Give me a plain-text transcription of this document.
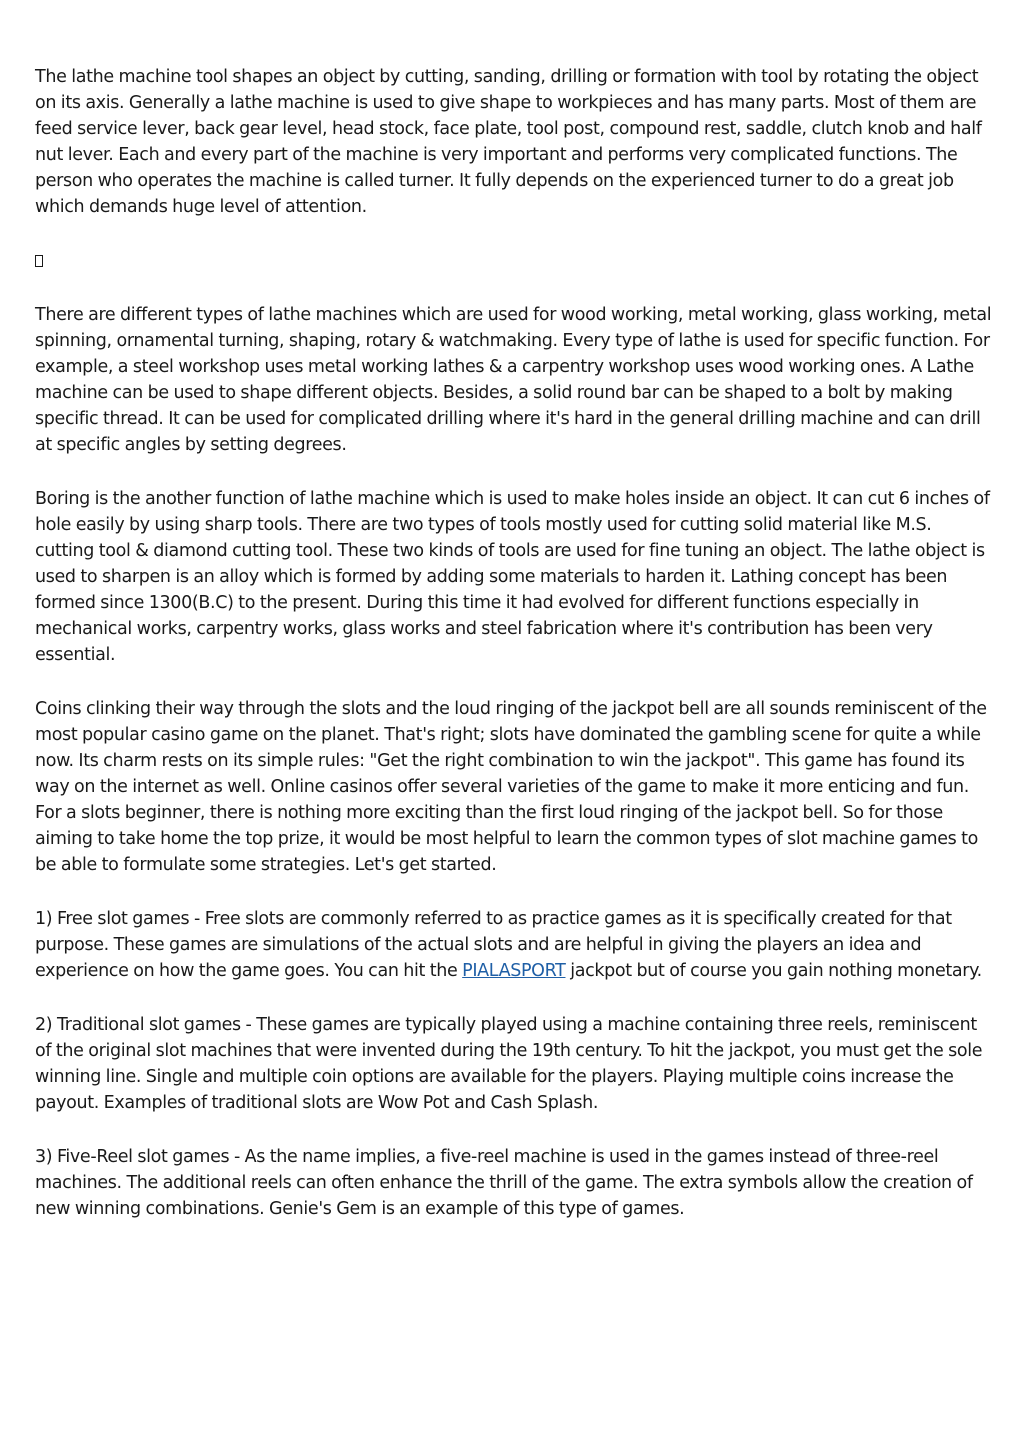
The lathe machine tool shapes an object by cutting, sanding, drilling or formation with tool by rotating the object on its axis. Generally a lathe machine is used to give shape to workpieces and has many parts. Most of them are feed service lever, back gear level, head stock, face plate, tool post, compound rest, saddle, clutch knob and half nut lever. Each and every part of the machine is very important and performs very complicated functions. The person who operates the machine is called turner. It fully depends on the experienced turner to do a great job which demands huge level of attention.

There are different types of lathe machines which are used for wood working, metal working, glass working, metal spinning, ornamental turning, shaping, rotary & watchmaking. Every type of lathe is used for specific function. For example, a steel workshop uses metal working lathes & a carpentry workshop uses wood working ones. A Lathe machine can be used to shape different objects. Besides, a solid round bar can be shaped to a bolt by making specific thread. It can be used for complicated drilling where it's hard in the general drilling machine and can drill at specific angles by setting degrees.

Boring is the another function of lathe machine which is used to make holes inside an object. It can cut 6 inches of hole easily by using sharp tools. There are two types of tools mostly used for cutting solid material like M.S. cutting tool & diamond cutting tool. These two kinds of tools are used for fine tuning an object. The lathe object is used to sharpen is an alloy which is formed by adding some materials to harden it. Lathing concept has been formed since 1300(B.C) to the present. During this time it had evolved for different functions especially in mechanical works, carpentry works, glass works and steel fabrication where it's contribution has been very essential.

Coins clinking their way through the slots and the loud ringing of the jackpot bell are all sounds reminiscent of the most popular casino game on the planet. That's right; slots have dominated the gambling scene for quite a while now. Its charm rests on its simple rules: "Get the right combination to win the jackpot". This game has found its way on the internet as well. Online casinos offer several varieties of the game to make it more enticing and fun. For a slots beginner, there is nothing more exciting than the first loud ringing of the jackpot bell. So for those aiming to take home the top prize, it would be most helpful to learn the common types of slot machine games to be able to formulate some strategies. Let's get started.

1) Free slot games - Free slots are commonly referred to as practice games as it is specifically created for that purpose. These games are simulations of the actual slots and are helpful in giving the players an idea and experience on how the game goes. You can hit the PIALASPORT jackpot but of course you gain nothing monetary.

2) Traditional slot games - These games are typically played using a machine containing three reels, reminiscent of the original slot machines that were invented during the 19th century. To hit the jackpot, you must get the sole winning line. Single and multiple coin options are available for the players. Playing multiple coins increase the payout. Examples of traditional slots are Wow Pot and Cash Splash.

3) Five-Reel slot games - As the name implies, a five-reel machine is used in the games instead of three-reel machines. The additional reels can often enhance the thrill of the game. The extra symbols allow the creation of new winning combinations. Genie's Gem is an example of this type of games.
